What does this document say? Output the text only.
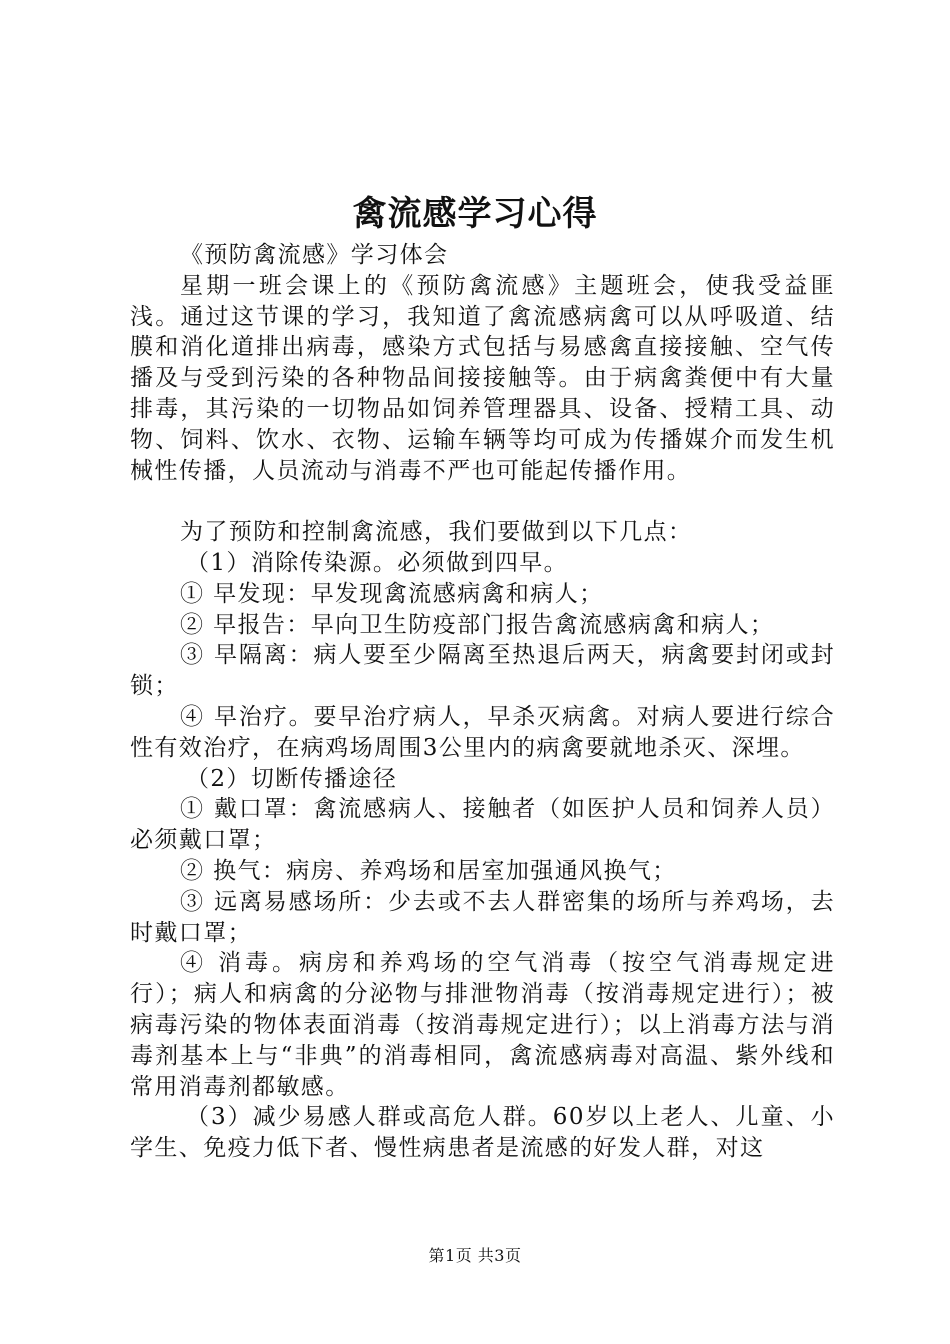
禽流感学习心得

《预防禽流感》学习体会

星期一班会课上的《预防禽流感》主题班会，使我受益匪浅。通过这节课的学习，我知道了禽流感病禽可以从呼吸道、结膜和消化道排出病毒，感染方式包括与易感禽直接接触、空气传播及与受到污染的各种物品间接接触等。由于病禽粪便中有大量排毒，其污染的一切物品如饲养管理器具、设备、授精工具、动物、饲料、饮水、衣物、运输车辆等均可成为传播媒介而发生机械性传播，人员流动与消毒不严也可能起传播作用。

为了预防和控制禽流感，我们要做到以下几点：

（1）消除传染源。必须做到四早。

① 早发现：早发现禽流感病禽和病人；

② 早报告：早向卫生防疫部门报告禽流感病禽和病人；

③ 早隔离：病人要至少隔离至热退后两天，病禽要封闭或封锁；

④ 早治疗。要早治疗病人，早杀灭病禽。对病人要进行综合性有效治疗，在病鸡场周围3公里内的病禽要就地杀灭、深埋。

（2）切断传播途径

① 戴口罩：禽流感病人、接触者（如医护人员和饲养人员）必须戴口罩；

② 换气：病房、养鸡场和居室加强通风换气；

③ 远离易感场所：少去或不去人群密集的场所与养鸡场，去时戴口罩；

④ 消毒。病房和养鸡场的空气消毒（按空气消毒规定进行）；病人和病禽的分泌物与排泄物消毒（按消毒规定进行）；被病毒污染的物体表面消毒（按消毒规定进行）；以上消毒方法与消毒剂基本上与“非典”的消毒相同，禽流感病毒对高温、紫外线和常用消毒剂都敏感。

（3）减少易感人群或高危人群。60岁以上老人、儿童、小学生、免疫力低下者、慢性病患者是流感的好发人群，对这

第1页 共3页
